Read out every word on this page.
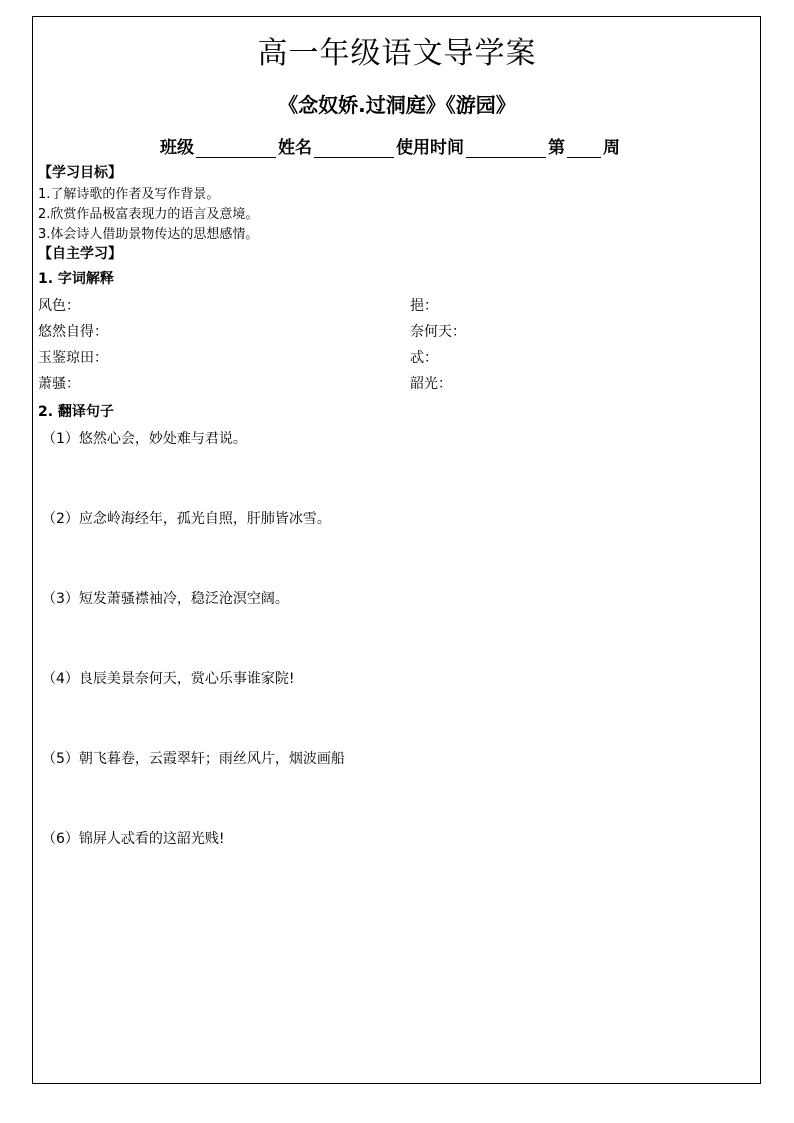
高一年级语文导学案
《念奴娇.过洞庭》《游园》
班级	姓名	使用时间	第 周
【学习目标】
1.了解诗歌的作者及写作背景。
2.欣赏作品极富表现力的语言及意境。
3.体会诗人借助景物传达的思想感情。
【自主学习】
1. 字词解释
风色：	挹：
悠然自得：	奈何天：
玉鉴琼田：	忒：
萧骚：	韶光：
2. 翻译句子
（1）悠然心会，妙处难与君说。
（2）应念岭海经年，孤光自照，肝肺皆冰雪。
（3）短发萧骚襟袖冷，稳泛沧溟空阔。
（4）良辰美景奈何天，赏心乐事谁家院!
（5）朝飞暮卷，云霞翠轩；雨丝风片，烟波画船
（6）锦屏人忒看的这韶光贱!
